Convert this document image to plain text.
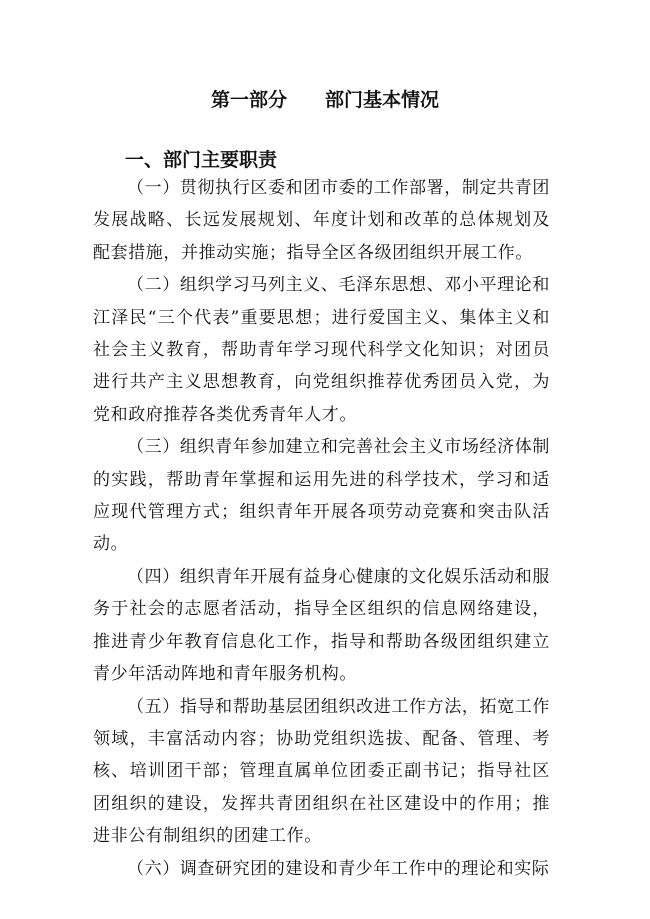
第一部分　　部门基本情况
一、部门主要职责

（一）贯彻执行区委和团市委的工作部署，制定共青团发展战略、长远发展规划、年度计划和改革的总体规划及配套措施，并推动实施；指导全区各级团组织开展工作。

（二）组织学习马列主义、毛泽东思想、邓小平理论和江泽民“三个代表”重要思想；进行爱国主义、集体主义和社会主义教育，帮助青年学习现代科学文化知识；对团员进行共产主义思想教育，向党组织推荐优秀团员入党，为党和政府推荐各类优秀青年人才。

（三）组织青年参加建立和完善社会主义市场经济体制的实践，帮助青年掌握和运用先进的科学技术，学习和适应现代管理方式；组织青年开展各项劳动竞赛和突击队活动。

（四）组织青年开展有益身心健康的文化娱乐活动和服务于社会的志愿者活动，指导全区组织的信息网络建设，推进青少年教育信息化工作，指导和帮助各级团组织建立青少年活动阵地和青年服务机构。

（五）指导和帮助基层团组织改进工作方法，拓宽工作领域，丰富活动内容；协助党组织选拔、配备、管理、考核、培训团干部；管理直属单位团委正副书记；指导社区团组织的建设，发挥共青团组织在社区建设中的作用；推进非公有制组织的团建工作。

（六）调查研究团的建设和青少年工作中的理论和实际
